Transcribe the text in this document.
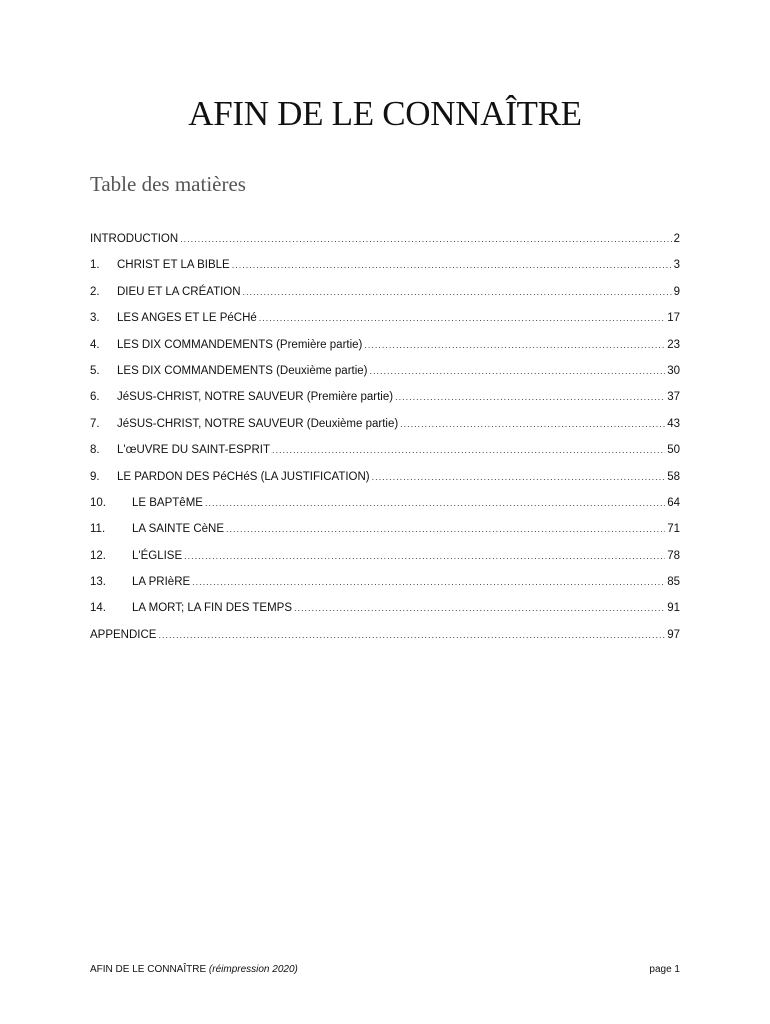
AFIN DE LE CONNAÎTRE
Table des matières
INTRODUCTION .....	2
1.	CHRIST ET LA BIBLE .....	3
2.	DIEU ET LA CRÉATION .....	9
3.	LES ANGES ET LE PéCHé .....	17
4.	LES DIX COMMANDEMENTS (Première partie) .....	23
5.	LES DIX COMMANDEMENTS (Deuxième partie) .....	30
6.	JéSUS-CHRIST, NOTRE SAUVEUR (Première partie) .....	37
7.	JéSUS-CHRIST, NOTRE SAUVEUR (Deuxième partie) .....	43
8.	L'œUVRE DU SAINT-ESPRIT .....	50
9.	LE PARDON DES PéCHéS (LA JUSTIFICATION) .....	58
10.	LE BAPTêME .....	64
11.	LA SAINTE CèNE .....	71
12.	L'ÉGLISE .....	78
13.	LA PRIèRE .....	85
14.	LA MORT; LA FIN DES TEMPS .....	91
APPENDICE .....	97
AFIN DE LE CONNAÎTRE (réimpression 2020)	page 1
